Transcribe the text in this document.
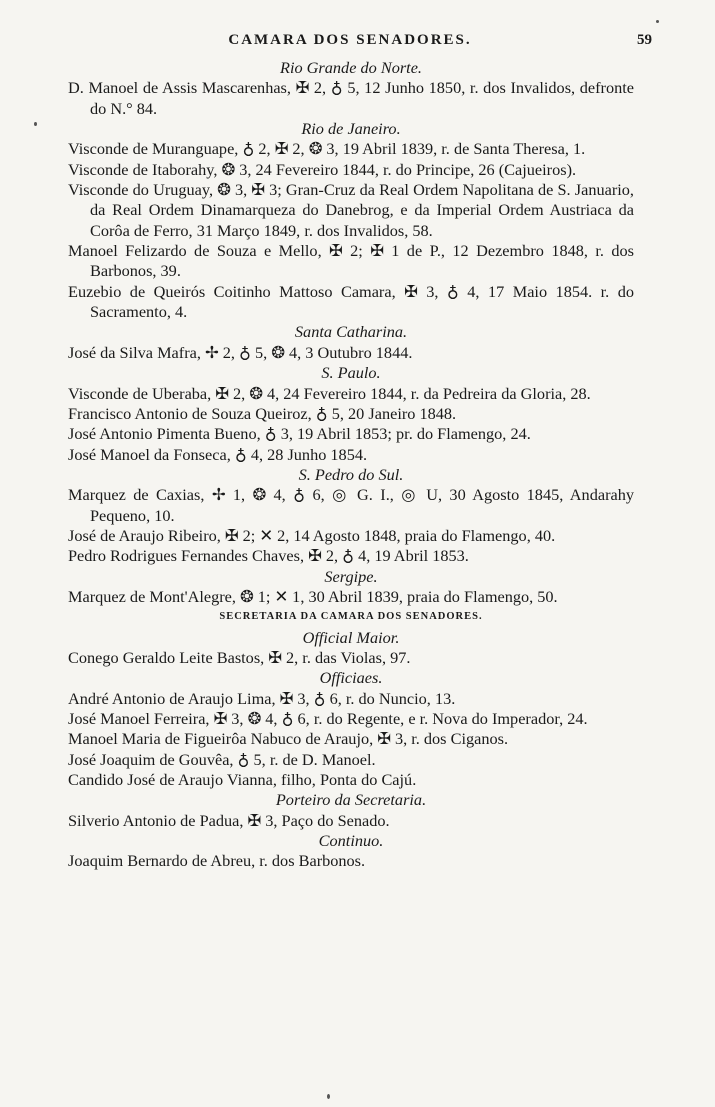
CAMARA DOS SENADORES.	59
Rio Grande do Norte.
D. Manoel de Assis Mascarenhas, ✠ 2, ♁ 5, 12 Junho 1850, r. dos Invalidos, defronte do N.° 84.
Rio de Janeiro.
Visconde de Muranguape, ♁ 2, ✠ 2, ❂ 3, 19 Abril 1839, r. de Santa Theresa, 1.
Visconde de Itaborahy, ❂ 3, 24 Fevereiro 1844, r. do Principe, 26 (Cajueiros).
Visconde do Uruguay, ❂ 3, ✠ 3; Gran-Cruz da Real Ordem Napolitana de S. Januario, da Real Ordem Dinamarqueza do Danebrog, e da Imperial Ordem Austriaca da Corôa de Ferro, 31 Março 1849, r. dos Invalidos, 58.
Manoel Felizardo de Souza e Mello, ✠ 2; ✠ 1 de P., 12 Dezembro 1848, r. dos Barbonos, 39.
Euzebio de Queirós Coitinho Mattoso Camara, ✠ 3, ♁ 4, 17 Maio 1854. r. do Sacramento, 4.
Santa Catharina.
José da Silva Mafra, ✢ 2, ♁ 5, ❂ 4, 3 Outubro 1844.
S. Paulo.
Visconde de Uberaba, ✠ 2, ❂ 4, 24 Fevereiro 1844, r. da Pedreira da Gloria, 28.
Francisco Antonio de Souza Queiroz, ♁ 5, 20 Janeiro 1848.
José Antonio Pimenta Bueno, ♁ 3, 19 Abril 1853; pr. do Flamengo, 24.
José Manoel da Fonseca, ♁ 4, 28 Junho 1854.
S. Pedro do Sul.
Marquez de Caxias, ✢ 1, ❂ 4, ♁ 6, ◎ G. I., ◎ U, 30 Agosto 1845, Andarahy Pequeno, 10.
José de Araujo Ribeiro, ✠ 2; ✕ 2, 14 Agosto 1848, praia do Flamengo, 40.
Pedro Rodrigues Fernandes Chaves, ✠ 2, ♁ 4, 19 Abril 1853.
Sergipe.
Marquez de Mont'Alegre, ❂ 1; ✕ 1, 30 Abril 1839, praia do Flamengo, 50.
SECRETARIA DA CAMARA DOS SENADORES.
Official Maior.
Conego Geraldo Leite Bastos, ✠ 2, r. das Violas, 97.
Officiaes.
André Antonio de Araujo Lima, ✠ 3, ♁ 6, r. do Nuncio, 13.
José Manoel Ferreira, ✠ 3, ❂ 4, ♁ 6, r. do Regente, e r. Nova do Imperador, 24.
Manoel Maria de Figueirôa Nabuco de Araujo, ✠ 3, r. dos Ciganos.
José Joaquim de Gouvêa, ♁ 5, r. de D. Manoel.
Candido José de Araujo Vianna, filho, Ponta do Cajú.
Porteiro da Secretaria.
Silverio Antonio de Padua, ✠ 3, Paço do Senado.
Continuo.
Joaquim Bernardo de Abreu, r. dos Barbonos.
